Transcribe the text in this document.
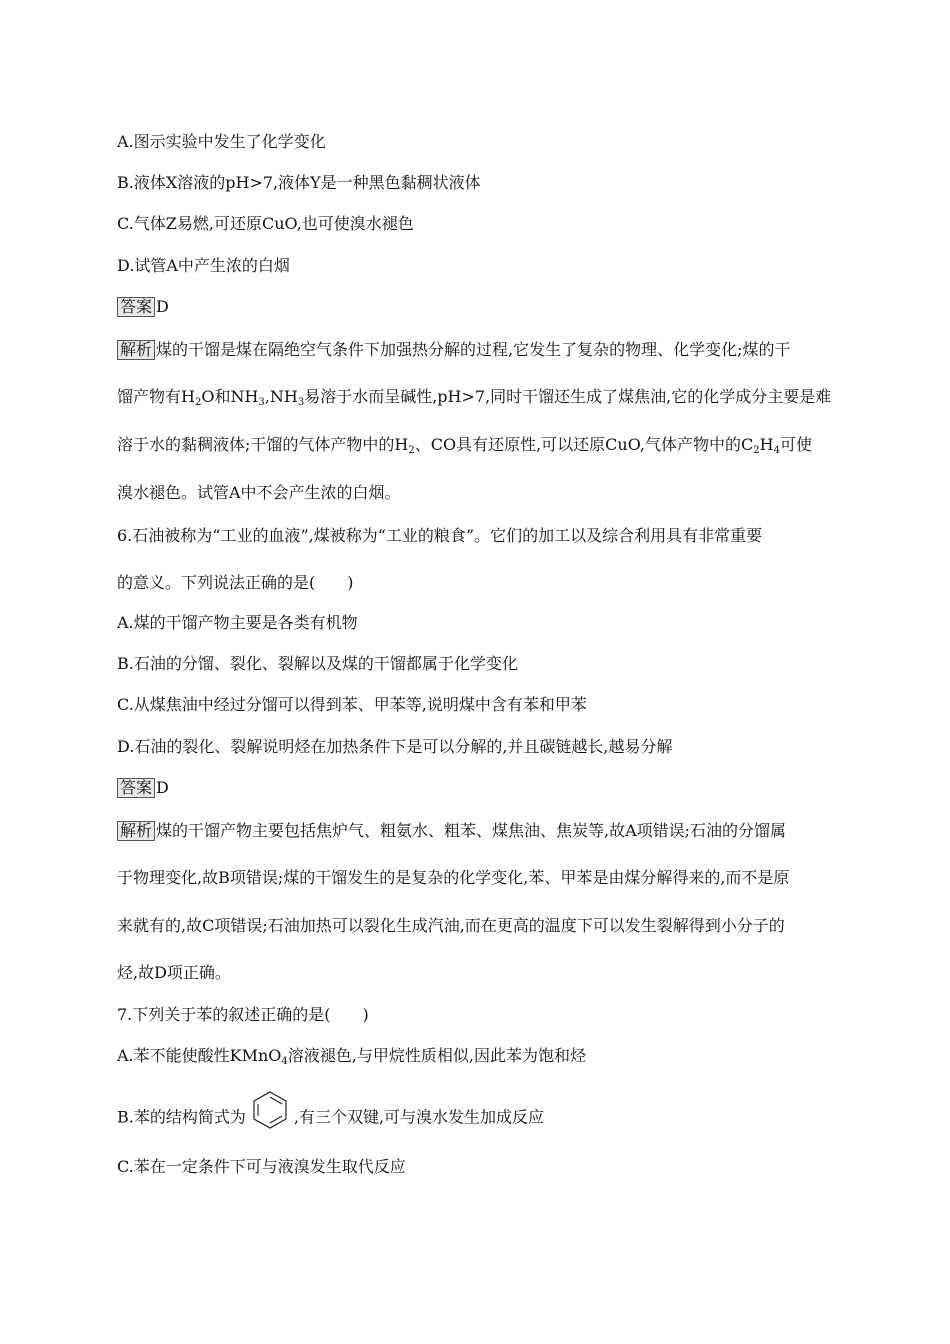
A.图示实验中发生了化学变化
B.液体X溶液的pH>7,液体Y是一种黑色黏稠状液体
C.气体Z易燃,可还原CuO,也可使溴水褪色
D.试管A中产生浓的白烟
答案 D
解析 煤的干馏是煤在隔绝空气条件下加强热分解的过程,它发生了复杂的物理、化学变化;煤的干
馏产物有$H_2O$和$NH_3,NH_3$易溶于水而呈碱性,pH>7,同时干馏还生成了煤焦油,它的化学成分主要是难
溶于水的黏稠液体;干馏的气体产物中的$H_2$、CO具有还原性,可以还原CuO,气体产物中的$C_2H_4$可使
溴水褪色。试管A中不会产生浓的白烟。
6.石油被称为“工业的血液”,煤被称为“工业的粮食”。它们的加工以及综合利用具有非常重要
的意义。下列说法正确的是(　　)
A.煤的干馏产物主要是各类有机物
B.石油的分馏、裂化、裂解以及煤的干馏都属于化学变化
C.从煤焦油中经过分馏可以得到苯、甲苯等,说明煤中含有苯和甲苯
D.石油的裂化、裂解说明烃在加热条件下是可以分解的,并且碳链越长,越易分解
答案 D
解析 煤的干馏产物主要包括焦炉气、粗氨水、粗苯、煤焦油、焦炭等,故A项错误;石油的分馏属
于物理变化,故B项错误;煤的干馏发生的是复杂的化学变化,苯、甲苯是由煤分解得来的,而不是原
来就有的,故C项错误;石油加热可以裂化生成汽油,而在更高的温度下可以发生裂解得到小分子的
烃,故D项正确。
7.下列关于苯的叙述正确的是(　　)
A.苯不能使酸性KMnO$_4$溶液褪色,与甲烷性质相似,因此苯为饱和烃
B.苯的结构简式为	,有三个双键,可与溴水发生加成反应
C.苯在一定条件下可与液溴发生取代反应
